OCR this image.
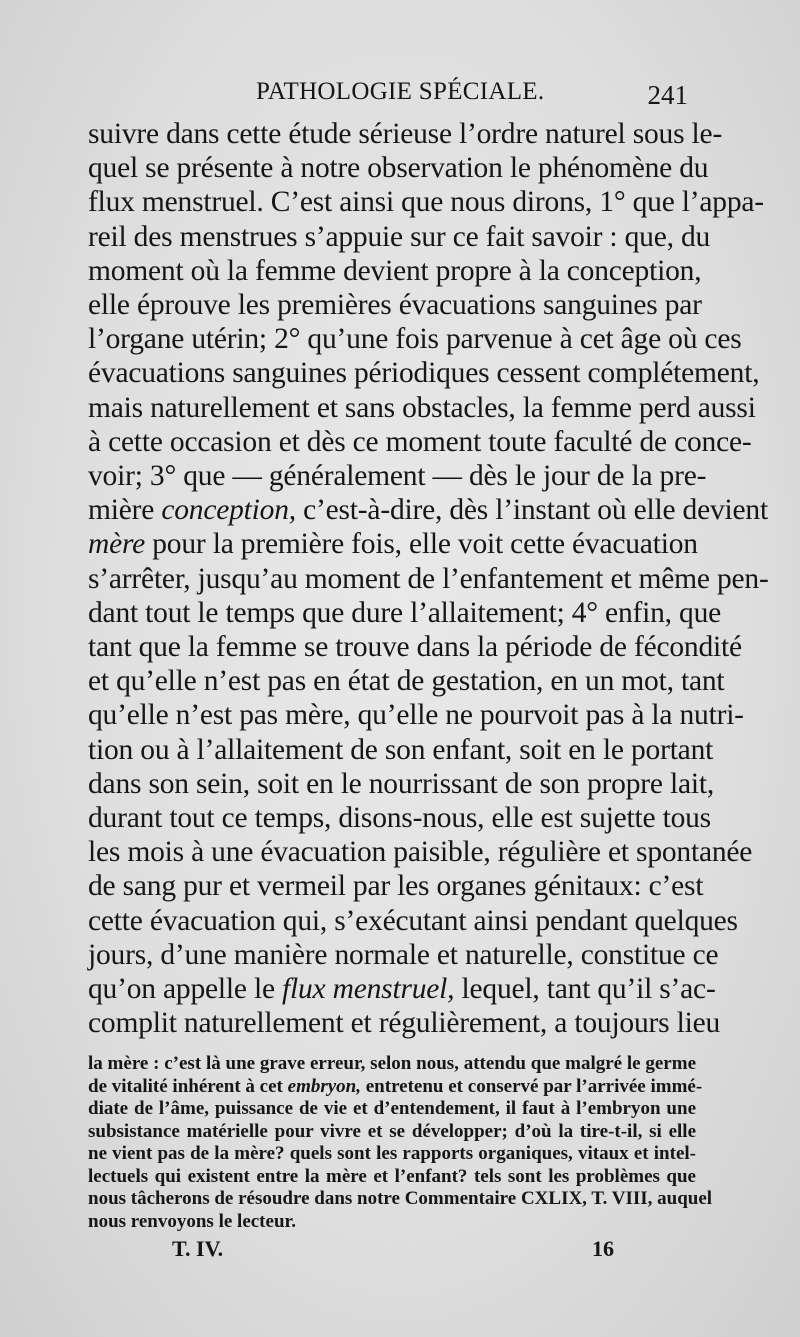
PATHOLOGIE SPÉCIALE.	241
suivre dans cette étude sérieuse l’ordre naturel sous le-
quel se présente à notre observation le phénomène du
flux menstruel. C’est ainsi que nous dirons, 1° que l’appa-
reil des menstrues s’appuie sur ce fait savoir : que, du
moment où la femme devient propre à la conception,
elle éprouve les premières évacuations sanguines par
l’organe utérin; 2° qu’une fois parvenue à cet âge où ces
évacuations sanguines périodiques cessent complétement,
mais naturellement et sans obstacles, la femme perd aussi
à cette occasion et dès ce moment toute faculté de conce-
voir; 3° que — généralement — dès le jour de la pre-
mière conception, c’est-à-dire, dès l’instant où elle devient
mère pour la première fois, elle voit cette évacuation
s’arrêter, jusqu’au moment de l’enfantement et même pen-
dant tout le temps que dure l’allaitement; 4° enfin, que
tant que la femme se trouve dans la période de fécondité
et qu’elle n’est pas en état de gestation, en un mot, tant
qu’elle n’est pas mère, qu’elle ne pourvoit pas à la nutri-
tion ou à l’allaitement de son enfant, soit en le portant
dans son sein, soit en le nourrissant de son propre lait,
durant tout ce temps, disons-nous, elle est sujette tous
les mois à une évacuation paisible, régulière et spontanée
de sang pur et vermeil par les organes génitaux: c’est
cette évacuation qui, s’exécutant ainsi pendant quelques
jours, d’une manière normale et naturelle, constitue ce
qu’on appelle le flux menstruel, lequel, tant qu’il s’ac-
complit naturellement et régulièrement, a toujours lieu
la mère : c’est là une grave erreur, selon nous, attendu que malgré le germe
de vitalité inhérent à cet embryon, entretenu et conservé par l’arrivée immé-
diate de l’âme, puissance de vie et d’entendement, il faut à l’embryon une
subsistance matérielle pour vivre et se développer; d’où la tire-t-il, si elle
ne vient pas de la mère? quels sont les rapports organiques, vitaux et intel-
lectuels qui existent entre la mère et l’enfant? tels sont les problèmes que
nous tâcherons de résoudre dans notre Commentaire CXLIX, T. VIII, auquel
nous renvoyons le lecteur.
T. IV.	16
